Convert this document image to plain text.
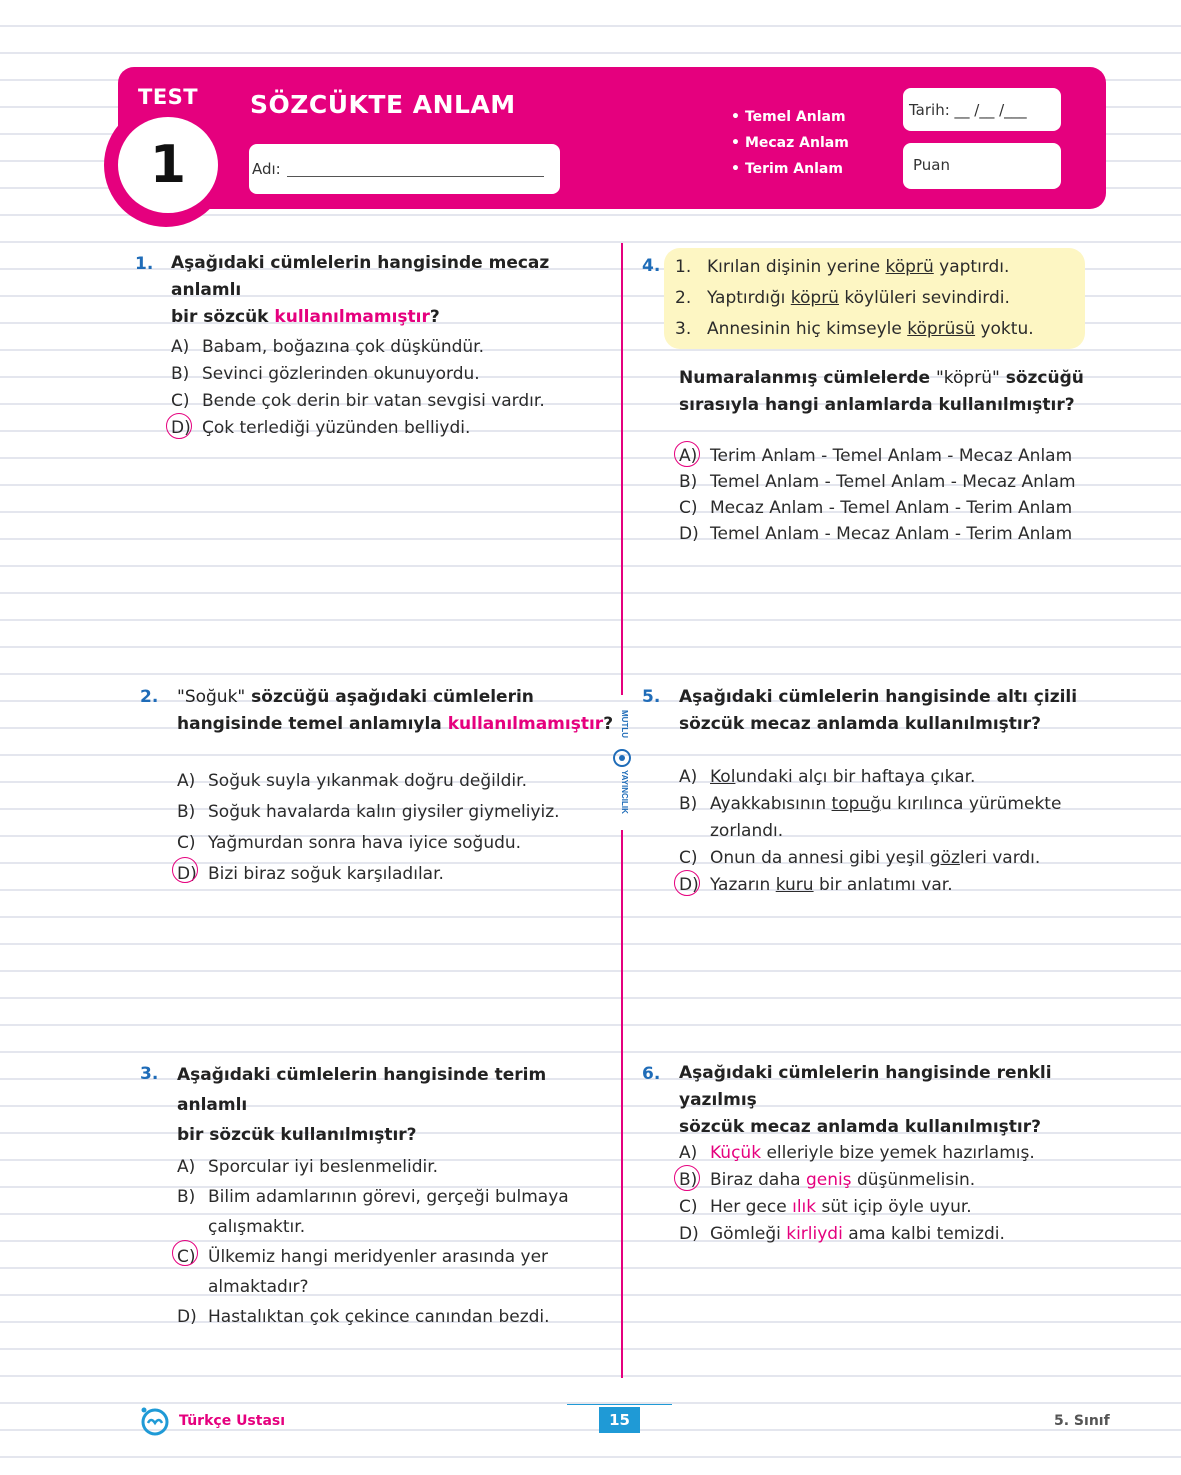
TEST
1
SÖZCÜKTE ANLAM
Adı:
• Temel Anlam
• Mecaz Anlam
• Terim Anlam
Tarih: __ /__ /___
Puan
MUTLU
YAYINCILIK
1. Aşağıdaki cümlelerin hangisinde mecaz anlamlı
bir sözcük kullanılmamıştır?
A) Babam, boğazına çok düşkündür.
B) Sevinci gözlerinden okunuyordu.
C) Bende çok derin bir vatan sevgisi vardır.
D) Çok terlediği yüzünden belliydi.
2. "Soğuk" sözcüğü aşağıdaki cümlelerin
hangisinde temel anlamıyla kullanılmamıştır?
A) Soğuk suyla yıkanmak doğru değildir.
B) Soğuk havalarda kalın giysiler giymeliyiz.
C) Yağmurdan sonra hava iyice soğudu.
D) Bizi biraz soğuk karşıladılar.
3. Aşağıdaki cümlelerin hangisinde terim anlamlı
bir sözcük kullanılmıştır?
A) Sporcular iyi beslenmelidir.
B) Bilim adamlarının görevi, gerçeği bulmaya
çalışmaktır.
C) Ülkemiz hangi meridyenler arasında yer
almaktadır?
D) Hastalıktan çok çekince canından bezdi.
4. 1. Kırılan dişinin yerine köprü yaptırdı.
2. Yaptırdığı köprü köylüleri sevindirdi.
3. Annesinin hiç kimseyle köprüsü yoktu.
Numaralanmış cümlelerde "köprü" sözcüğü
sırasıyla hangi anlamlarda kullanılmıştır?
A) Terim Anlam - Temel Anlam - Mecaz Anlam
B) Temel Anlam - Temel Anlam - Mecaz Anlam
C) Mecaz Anlam - Temel Anlam - Terim Anlam
D) Temel Anlam - Mecaz Anlam - Terim Anlam
5. Aşağıdaki cümlelerin hangisinde altı çizili
sözcük mecaz anlamda kullanılmıştır?
A) Kolundaki alçı bir haftaya çıkar.
B) Ayakkabısının topuğu kırılınca yürümekte
zorlandı.
C) Onun da annesi gibi yeşil gözleri vardı.
D) Yazarın kuru bir anlatımı var.
6. Aşağıdaki cümlelerin hangisinde renkli yazılmış
sözcük mecaz anlamda kullanılmıştır?
A) Küçük elleriyle bize yemek hazırlamış.
B) Biraz daha geniş düşünmelisin.
C) Her gece ılık süt içip öyle uyur.
D) Gömleği kirliydi ama kalbi temizdi.
Türkçe Ustası	15	5. Sınıf
